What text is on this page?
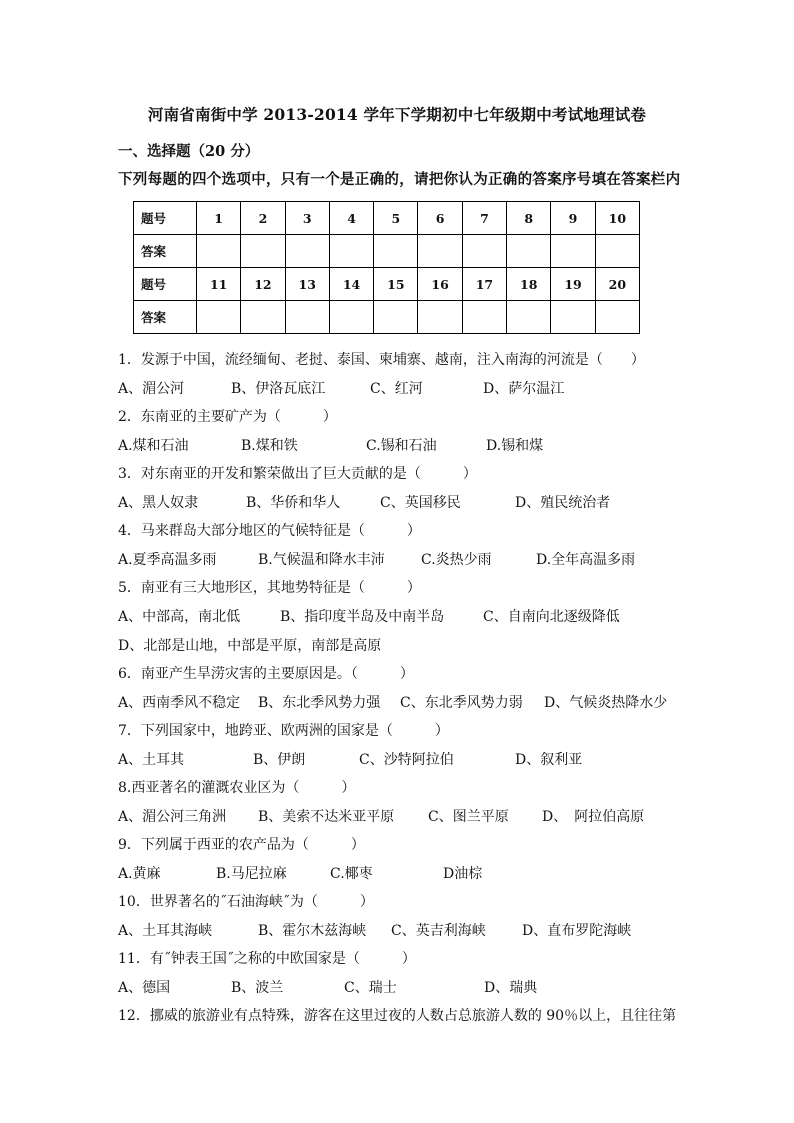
河南省南街中学 2013-2014 学年下学期初中七年级期中考试地理试卷
一、选择题（20 分）
下列每题的四个选项中，只有一个是正确的，请把你认为正确的答案序号填在答案栏内
题号	1	2	3	4	5	6	7	8	9	10
答案										
题号	11	12	13	14	15	16	17	18	19	20
答案										
1．发源于中国，流经缅甸、老挝、泰国、柬埔寨、越南，注入南海的河流是（　　）
A、湄公河	B、伊洛瓦底江	C、红河	D、萨尔温江
2．东南亚的主要矿产为（　　　）
A.煤和石油	B.煤和铁	C.锡和石油	D.锡和煤
3．对东南亚的开发和繁荣做出了巨大贡献的是（　　　）
A、黑人奴隶	B、华侨和华人	C、英国移民	D、殖民统治者
4．马来群岛大部分地区的气候特征是（　　　）
A.夏季高温多雨	B.气候温和降水丰沛	C.炎热少雨	D.全年高温多雨
5．南亚有三大地形区，其地势特征是（　　　）
A、中部高，南北低	B、指印度半岛及中南半岛	C、自南向北逐级降低
D、北部是山地，中部是平原，南部是高原
6．南亚产生旱涝灾害的主要原因是。（　　　）
A、西南季风不稳定 B、东北季风势力强 C、东北季风势力弱 D、气候炎热降水少
7．下列国家中，地跨亚、欧两洲的国家是（　　　）
A、土耳其	B、伊朗	C、沙特阿拉伯	D、叙利亚
8.西亚著名的灌溉农业区为（　　　）
A、湄公河三角洲 B、美索不达米亚平原 C、图兰平原 D、　阿拉伯高原
9．下列属于西亚的农产品为（　　　）
A.黄麻	B.马尼拉麻	C.椰枣	D油棕
10．世界著名的˝石油海峡˝为（　　　）
A、土耳其海峡	B、霍尔木兹海峡 C、英吉利海峡	D、直布罗陀海峡
11．有˝钟表王国˝之称的中欧国家是（　　　）
A、德国	B、波兰	C、瑞士	D、瑞典
12．挪威的旅游业有点特殊，游客在这里过夜的人数占总旅游人数的 90％以上，且往往第
